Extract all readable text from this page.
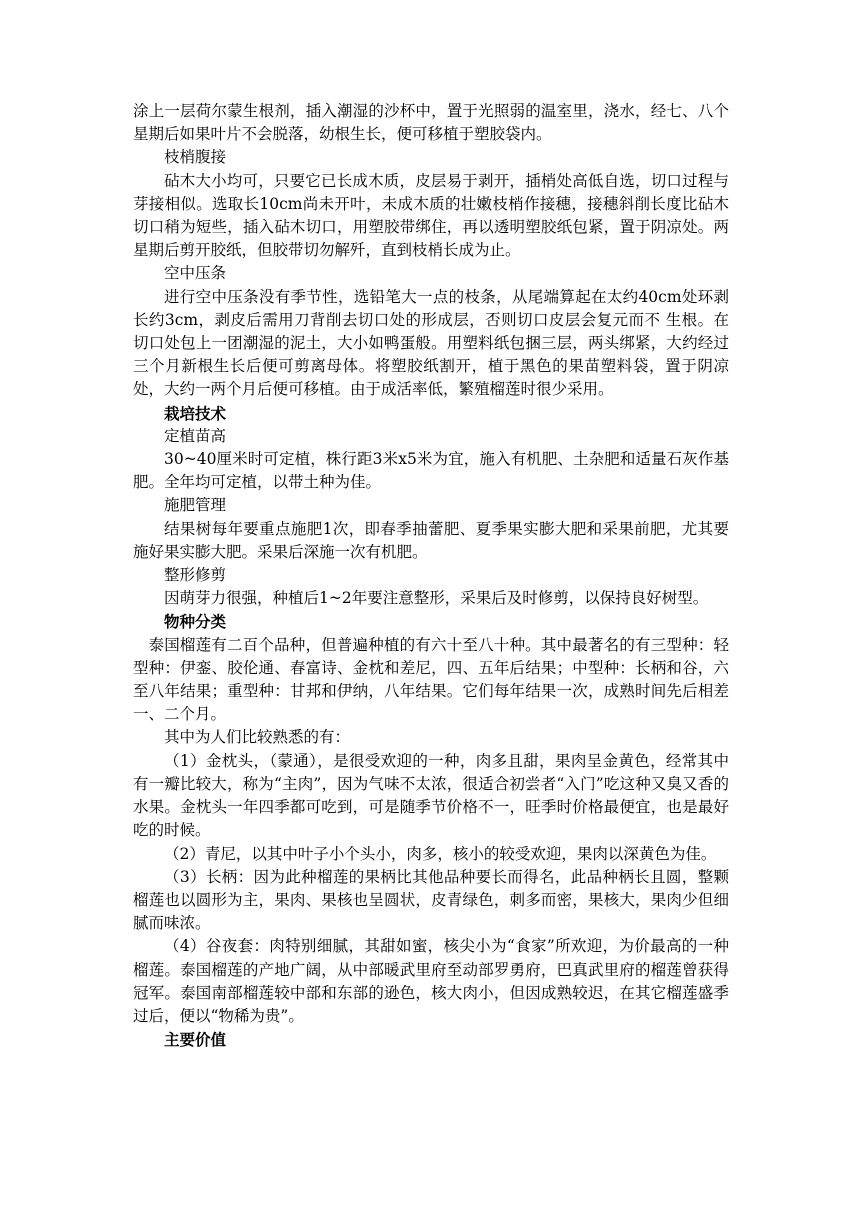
涂上一层荷尔蒙生根剂，插入潮湿的沙杯中，置于光照弱的温室里，浇水，经七、八个星期后如果叶片不会脱落，幼根生长，便可移植于塑胶袋内。

枝梢腹接

砧木大小均可，只要它已长成木质，皮层易于剥开，插梢处高低自选，切口过程与芽接相似。选取长10cm尚未开叶，未成木质的壮嫩枝梢作接穗，接穗斜削长度比砧木切口稍为短些，插入砧木切口，用塑胶带绑住，再以透明塑胶纸包紧，置于阴凉处。两星期后剪开胶纸，但胶带切勿解歼，直到枝梢长成为止。

空中压条

进行空中压条没有季节性，选铅笔大一点的枝条，从尾端算起在太约40cm处环剥长约3cm，剥皮后需用刀背削去切口处的形成层，否则切口皮层会复元而不 生根。在切口处包上一团潮湿的泥土，大小如鸭蛋般。用塑料纸包捆三层，两头绑紧，大约经过三个月新根生长后便可剪离母体。将塑胶纸割开，植于黑色的果苗塑料袋，置于阴凉处，大约一两个月后便可移植。由于成活率低，繁殖榴莲时很少采用。

栽培技术

定植苗高

30~40厘米时可定植，株行距3米x5米为宜，施入有机肥、土杂肥和适量石灰作基肥。全年均可定植，以带土种为佳。

施肥管理

结果树每年要重点施肥1次，即春季抽蕾肥、夏季果实膨大肥和采果前肥，尤其要施好果实膨大肥。采果后深施一次有机肥。

整形修剪

因萌芽力很强，种植后1~2年要注意整形，采果后及时修剪，以保持良好树型。

物种分类

泰国榴莲有二百个品种，但普遍种植的有六十至八十种。其中最著名的有三型种：轻型种：伊銮、胶伦通、春富诗、金枕和差尼，四、五年后结果；中型种：长柄和谷，六至八年结果；重型种：甘邦和伊纳，八年结果。它们每年结果一次，成熟时间先后相差一、二个月。

其中为人们比较熟悉的有：

（1）金枕头，（蒙通），是很受欢迎的一种，肉多且甜，果肉呈金黄色，经常其中有一瓣比较大，称为“主肉”，因为气味不太浓，很适合初尝者“入门”吃这种又臭又香的水果。金枕头一年四季都可吃到，可是随季节价格不一，旺季时价格最便宜，也是最好吃的时候。

（2）青尼，以其中叶子小个头小，肉多，核小的较受欢迎，果肉以深黄色为佳。

（3）长柄：因为此种榴莲的果柄比其他品种要长而得名，此品种柄长且圆，整颗榴莲也以圆形为主，果肉、果核也呈圆状，皮青绿色，刺多而密，果核大，果肉少但细腻而味浓。

（4）谷夜套：肉特别细腻，其甜如蜜，核尖小为“食家”所欢迎，为价最高的一种榴莲。泰国榴莲的产地广阔，从中部暖武里府至动部罗勇府，巴真武里府的榴莲曾获得冠军。泰国南部榴莲较中部和东部的逊色，核大肉小，但因成熟较迟，在其它榴莲盛季过后，便以“物稀为贵”。

主要价值
